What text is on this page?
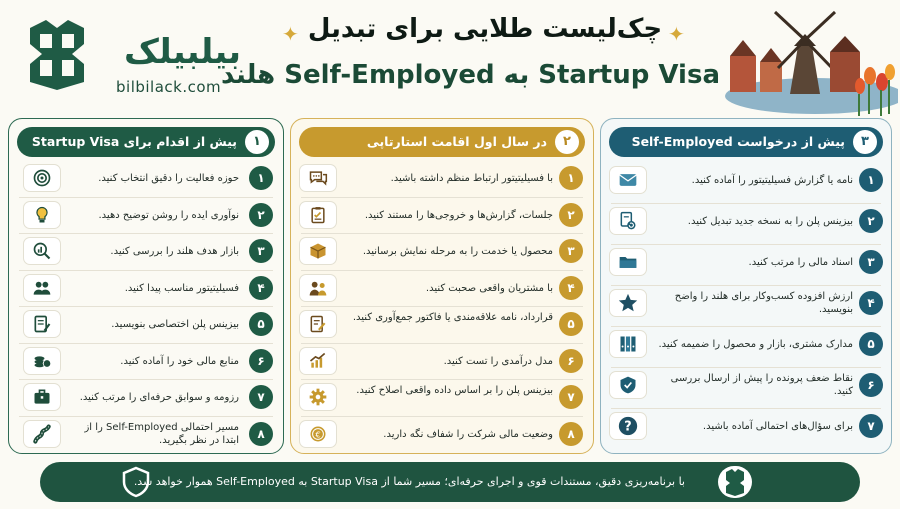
بیلبیلک
bilbilack.com
چک‌لیست طلایی برای تبدیل
Startup Visa به Self-Employed هلند
✦	✦
۱
پیش از اقدام برای Startup Visa
حوزه فعالیت را دقیق انتخاب کنید.	۱
نوآوری ایده را روشن توضیح دهید.	۲
بازار هدف هلند را بررسی کنید.	۳
فسیلیتیتور مناسب پیدا کنید.	۴
بیزینس پلن اختصاصی بنویسید.	۵
منابع مالی خود را آماده کنید.	۶
رزومه و سوابق حرفه‌ای را مرتب کنید.	۷
مسیر احتمالی Self-Employed را از ابتدا در نظر بگیرید.	۸
۲
در سال اول اقامت استارتاپی
با فسیلیتیتور ارتباط منظم داشته باشید.	۱
جلسات، گزارش‌ها و خروجی‌ها را مستند کنید.	۲
محصول یا خدمت را به مرحله نمایش برسانید.	۳
با مشتریان واقعی صحبت کنید.	۴
قرارداد، نامه علاقه‌مندی یا فاکتور جمع‌آوری کنید.	۵
مدل درآمدی را تست کنید.	۶
بیزینس پلن را بر اساس داده واقعی اصلاح کنید.	۷
€	وضعیت مالی شرکت را شفاف نگه دارید.	۸
۳
پیش از درخواست Self-Employed
نامه یا گزارش فسیلیتیتور را آماده کنید.	۱
بیزینس پلن را به نسخه جدید تبدیل کنید.	۲
اسناد مالی را مرتب کنید.	۳
ارزش افزوده کسب‌وکار برای هلند را واضح بنویسید.	۴
مدارک مشتری، بازار و محصول را ضمیمه کنید.	۵
نقاط ضعف پرونده را پیش از ارسال بررسی کنید.	۶
?	برای سؤال‌های احتمالی آماده باشید.	۷
با برنامه‌ریزی دقیق، مستندات قوی و اجرای حرفه‌ای؛ مسیر شما از Startup Visa به Self-Employed هموار خواهد شد.
